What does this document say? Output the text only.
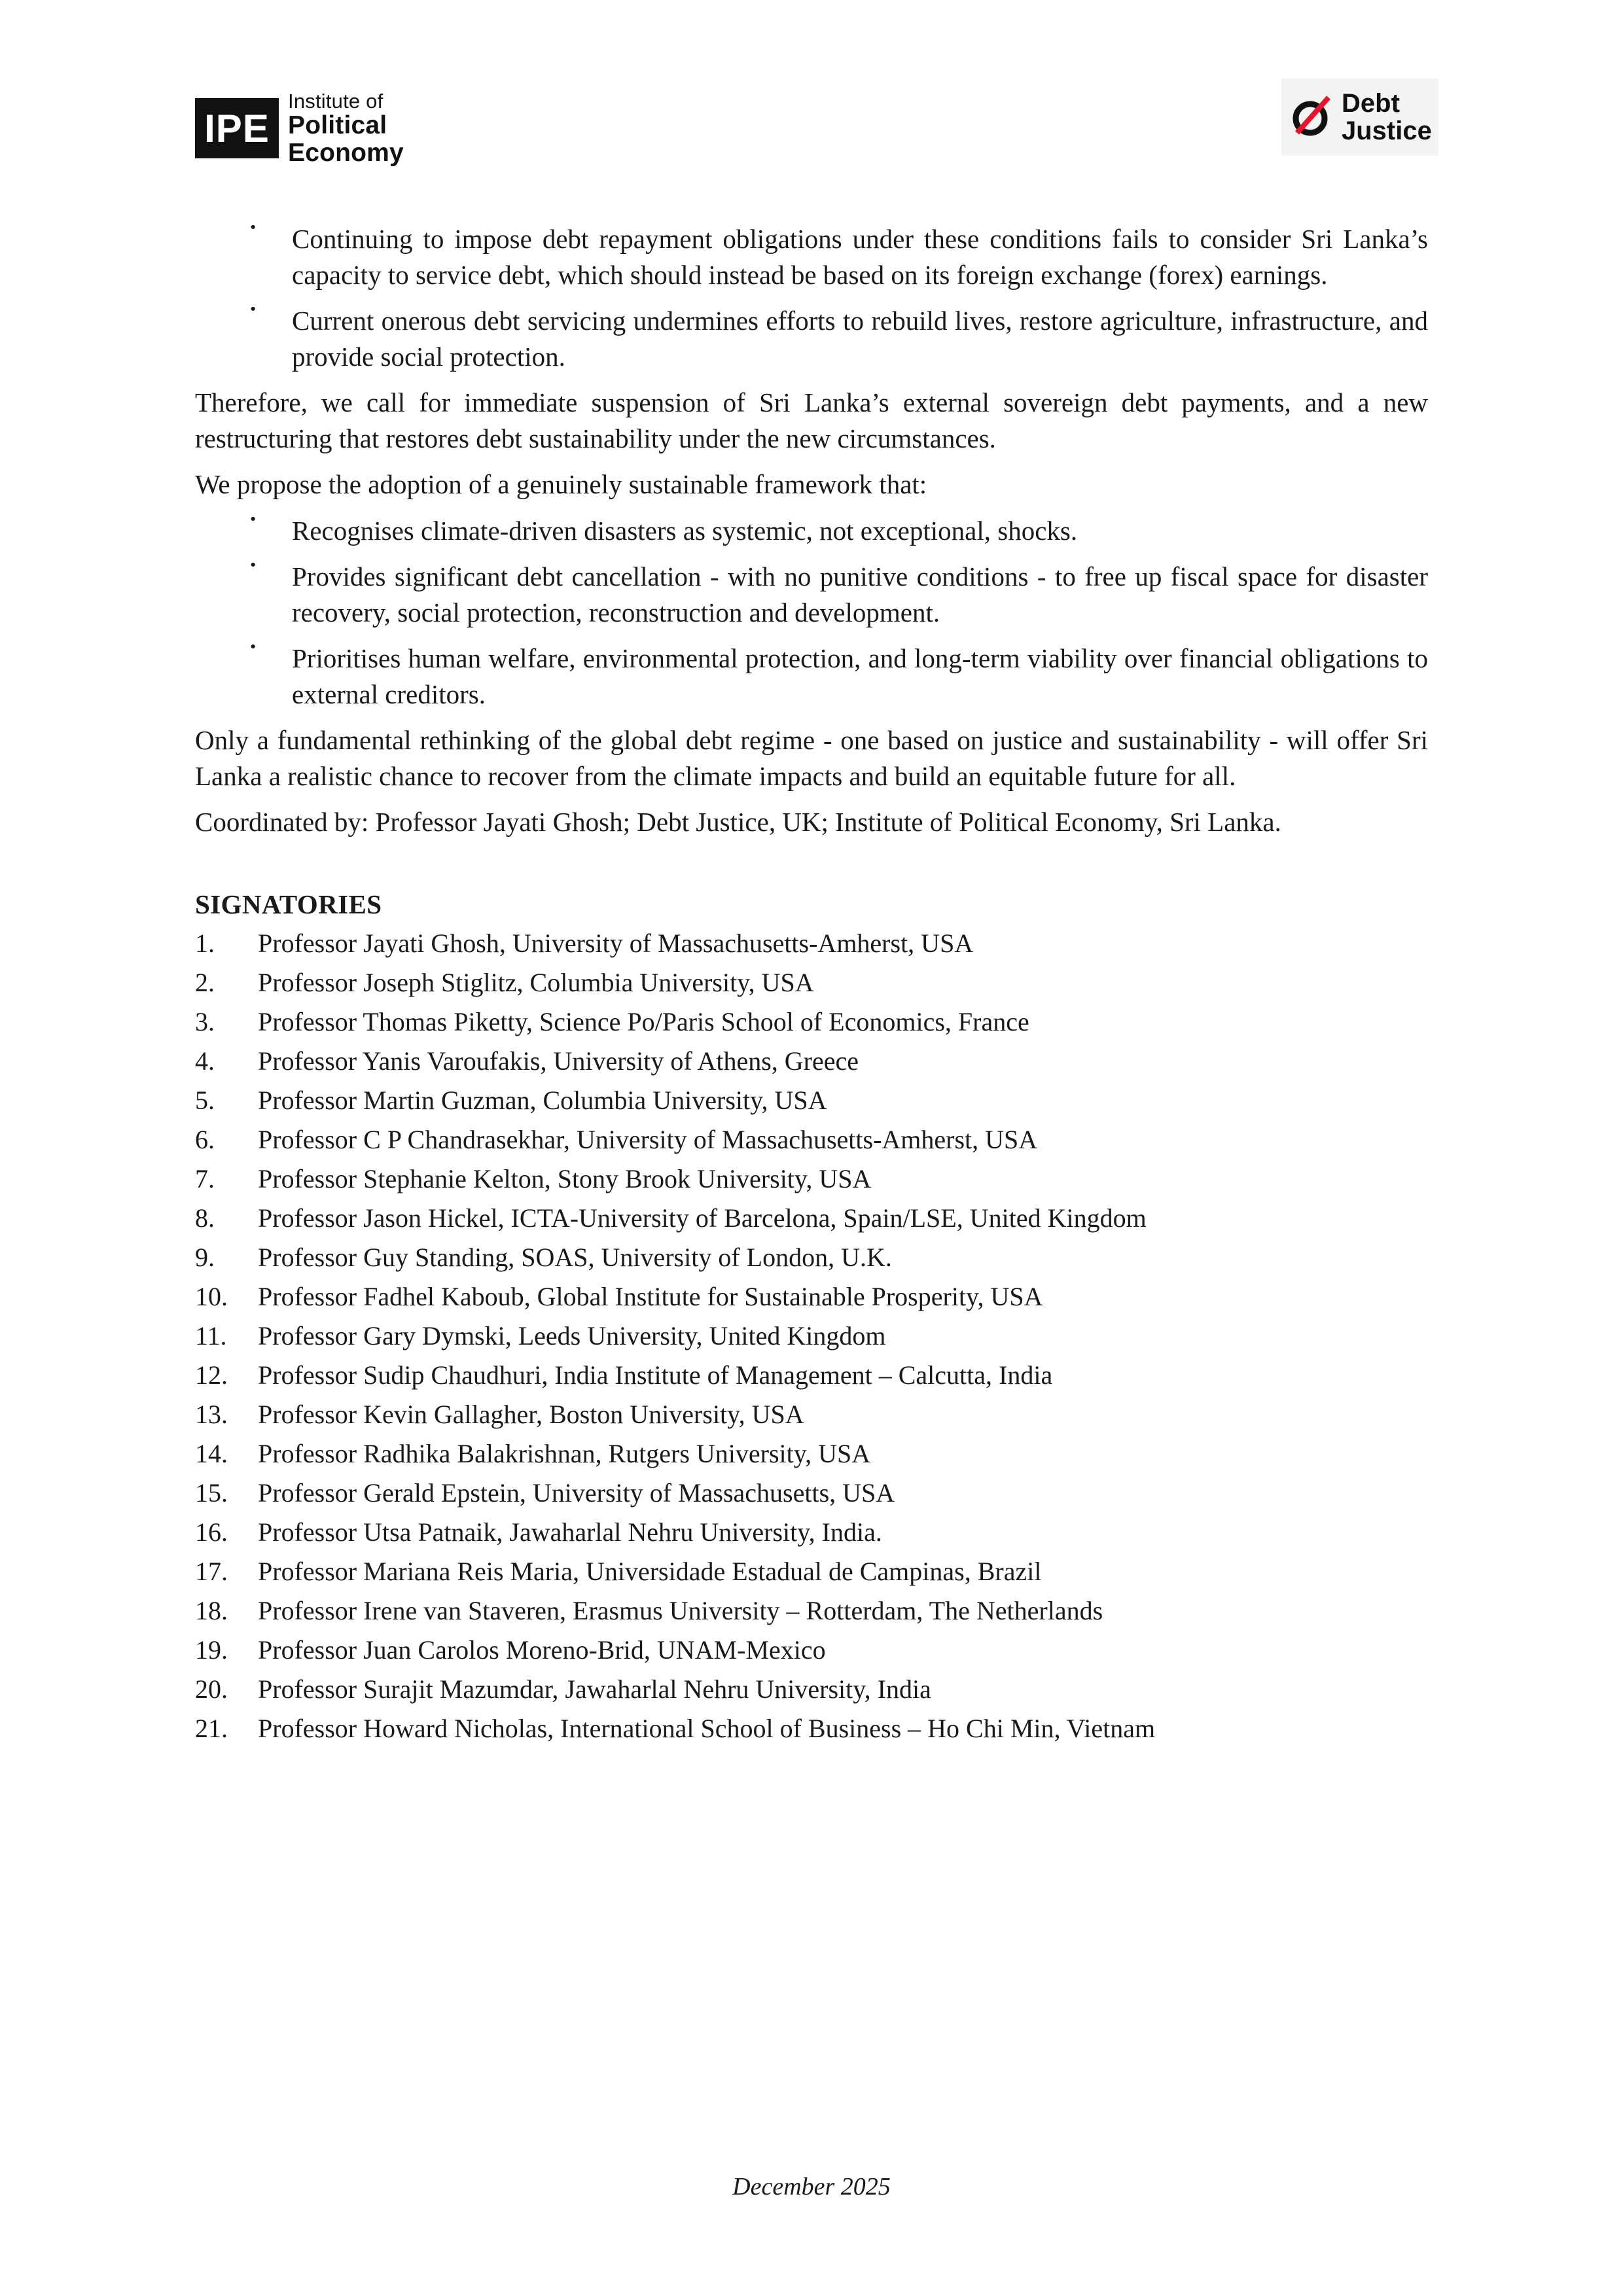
IPE
Institute of
Political
Economy
Debt
Justice
· Continuing to impose debt repayment obligations under these conditions fails to consider Sri Lanka’s capacity to service debt, which should instead be based on its foreign exchange (forex) earnings.
· Current onerous debt servicing undermines efforts to rebuild lives, restore agriculture, infrastructure, and provide social protection.

Therefore, we call for immediate suspension of Sri Lanka’s external sovereign debt payments, and a new restructuring that restores debt sustainability under the new circumstances.

We propose the adoption of a genuinely sustainable framework that:

· Recognises climate-driven disasters as systemic, not exceptional, shocks.
· Provides significant debt cancellation - with no punitive conditions - to free up fiscal space for disaster recovery, social protection, reconstruction and development.
· Prioritises human welfare, environmental protection, and long-term viability over financial obligations to external creditors.

Only a fundamental rethinking of the global debt regime - one based on justice and sustainability - will offer Sri Lanka a realistic chance to recover from the climate impacts and build an equitable future for all.

Coordinated by: Professor Jayati Ghosh; Debt Justice, UK; Institute of Political Economy, Sri Lanka.

SIGNATORIES
Professor Jayati Ghosh, University of Massachusetts-Amherst, USA
Professor Joseph Stiglitz, Columbia University, USA
Professor Thomas Piketty, Science Po/Paris School of Economics, France
Professor Yanis Varoufakis, University of Athens, Greece
Professor Martin Guzman, Columbia University, USA
Professor C P Chandrasekhar, University of Massachusetts-Amherst, USA
Professor Stephanie Kelton, Stony Brook University, USA
Professor Jason Hickel, ICTA-University of Barcelona, Spain/LSE, United Kingdom
Professor Guy Standing, SOAS, University of London, U.K.
Professor Fadhel Kaboub, Global Institute for Sustainable Prosperity, USA
Professor Gary Dymski, Leeds University, United Kingdom
Professor Sudip Chaudhuri, India Institute of Management – Calcutta, India
Professor Kevin Gallagher, Boston University, USA
Professor Radhika Balakrishnan, Rutgers University, USA
Professor Gerald Epstein, University of Massachusetts, USA
Professor Utsa Patnaik, Jawaharlal Nehru University, India.
Professor Mariana Reis Maria, Universidade Estadual de Campinas, Brazil
Professor Irene van Staveren, Erasmus University – Rotterdam, The Netherlands
Professor Juan Carolos Moreno-Brid, UNAM-Mexico
Professor Surajit Mazumdar, Jawaharlal Nehru University, India
Professor Howard Nicholas, International School of Business – Ho Chi Min, Vietnam
December 2025
